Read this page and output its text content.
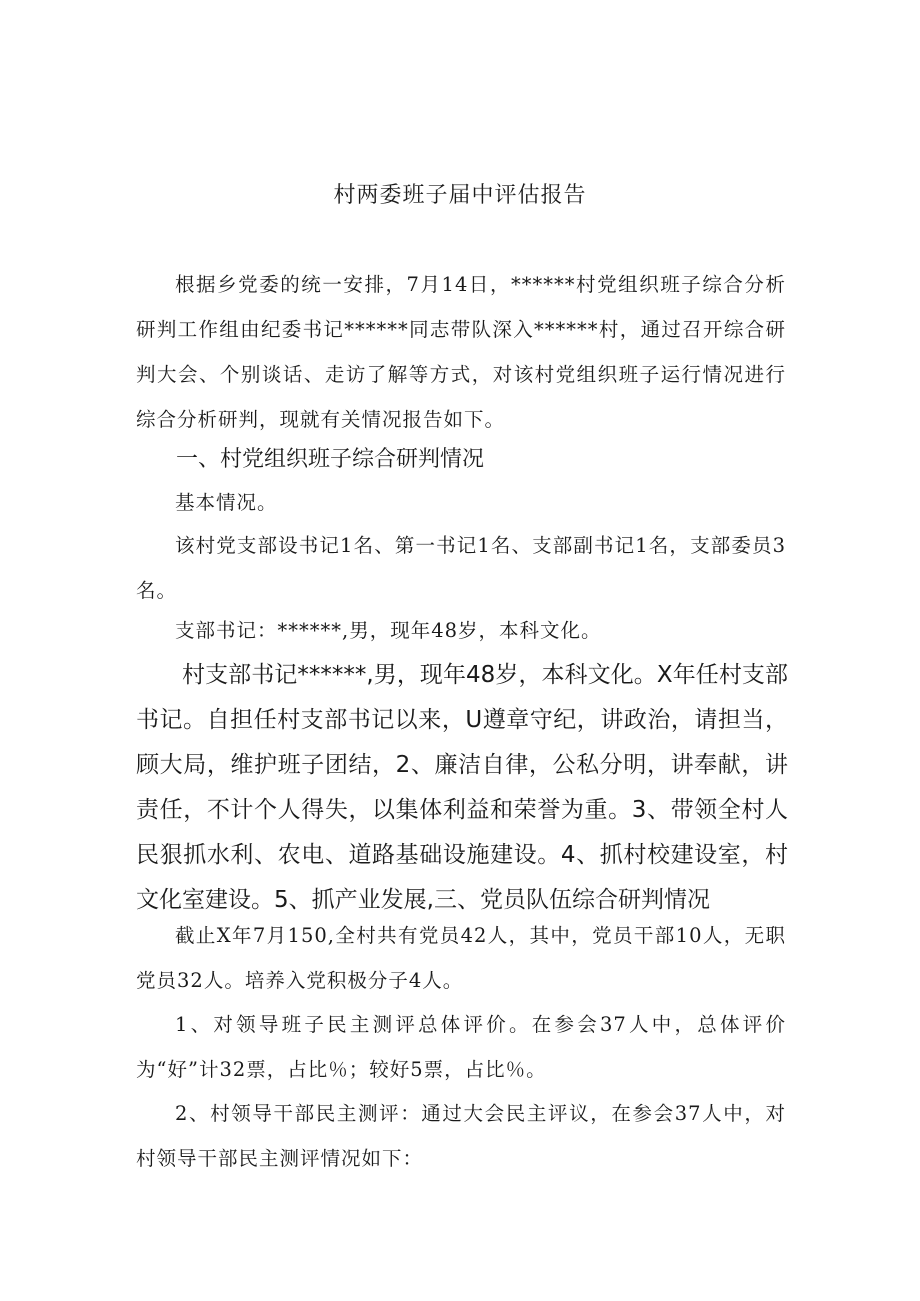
村两委班子届中评估报告
根据乡党委的统一安排，7月14日，******村党组织班子综合分析研判工作组由纪委书记******同志带队深入******村，通过召开综合研判大会、个别谈话、走访了解等方式，对该村党组织班子运行情况进行综合分析研判，现就有关情况报告如下。
一、村党组织班子综合研判情况
基本情况。
该村党支部设书记1名、第一书记1名、支部副书记1名，支部委员3名。
支部书记：******,男，现年48岁，本科文化。
村支部书记******,男，现年48岁，本科文化。X年任村支部书记。自担任村支部书记以来，U遵章守纪，讲政治，请担当，顾大局，维护班子团结，2、廉洁自律，公私分明，讲奉献，讲责任，不计个人得失，以集体利益和荣誉为重。3、带领全村人民狠抓水利、农电、道路基础设施建设。4、抓村校建设室，村文化室建设。5、抓产业发展,三、党员队伍综合研判情况
截止X年7月150,全村共有党员42人，其中，党员干部10人，无职党员32人。培养入党积极分子4人。
1、对领导班子民主测评总体评价。在参会37人中，总体评价为“好”计32票，占比％；较好5票，占比％。
2、村领导干部民主测评：通过大会民主评议，在参会37人中，对村领导干部民主测评情况如下：
